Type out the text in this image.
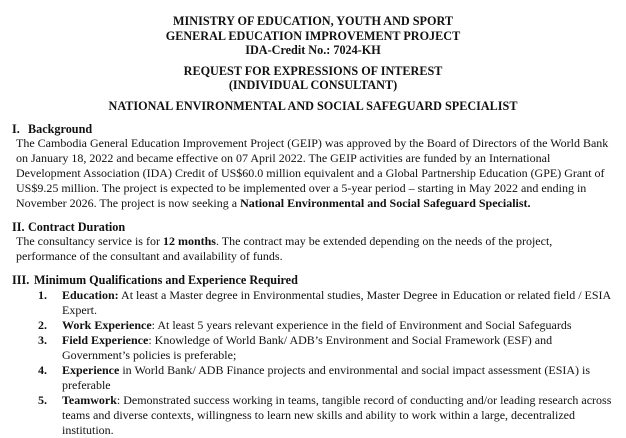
MINISTRY OF EDUCATION, YOUTH AND SPORT
GENERAL EDUCATION IMPROVEMENT PROJECT
IDA-Credit No.: 7024-KH
REQUEST FOR EXPRESSIONS OF INTEREST
(INDIVIDUAL CONSULTANT)
NATIONAL ENVIRONMENTAL AND SOCIAL SAFEGUARD SPECIALIST
I. Background
The Cambodia General Education Improvement Project (GEIP) was approved by the Board of Directors of the World Bank on January 18, 2022 and became effective on 07 April 2022. The GEIP activities are funded by an International Development Association (IDA) Credit of US$60.0 million equivalent and a Global Partnership Education (GPE) Grant of US$9.25 million. The project is expected to be implemented over a 5-year period – starting in May 2022 and ending in November 2026. The project is now seeking a National Environmental and Social Safeguard Specialist.
II. Contract Duration
The consultancy service is for 12 months. The contract may be extended depending on the needs of the project, performance of the consultant and availability of funds.
III. Minimum Qualifications and Experience Required
1. Education: At least a Master degree in Environmental studies, Master Degree in Education or related field / ESIA Expert.
2. Work Experience: At least 5 years relevant experience in the field of Environment and Social Safeguards
3. Field Experience: Knowledge of World Bank/ ADB’s Environment and Social Framework (ESF) and Government’s policies is preferable;
4. Experience in World Bank/ ADB Finance projects and environmental and social impact assessment (ESIA) is preferable
5. Teamwork: Demonstrated success working in teams, tangible record of conducting and/or leading research across teams and diverse contexts, willingness to learn new skills and ability to work within a large, decentralized institution.
